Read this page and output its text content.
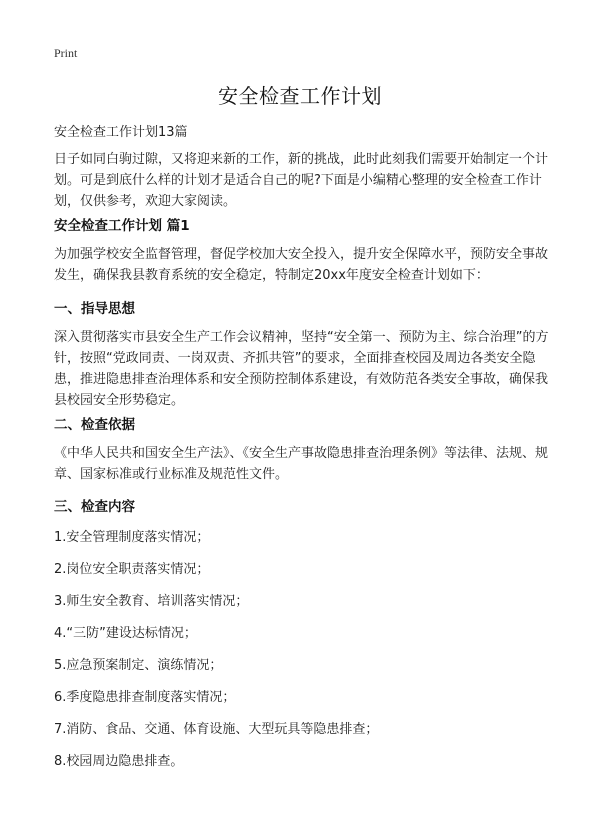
Print
安全检查工作计划
安全检查工作计划13篇

日子如同白驹过隙，又将迎来新的工作，新的挑战，此时此刻我们需要开始制定一个计划。可是到底什么样的计划才是适合自己的呢?下面是小编精心整理的安全检查工作计划，仅供参考，欢迎大家阅读。

安全检查工作计划 篇1

为加强学校安全监督管理，督促学校加大安全投入，提升安全保障水平，预防安全事故发生，确保我县教育系统的安全稳定，特制定20xx年度安全检查计划如下：

一、指导思想

深入贯彻落实市县安全生产工作会议精神，坚持“安全第一、预防为主、综合治理”的方针，按照“党政同责、一岗双责、齐抓共管”的要求，全面排查校园及周边各类安全隐患，推进隐患排查治理体系和安全预防控制体系建设，有效防范各类安全事故，确保我县校园安全形势稳定。

二、检查依据

《中华人民共和国安全生产法》、《安全生产事故隐患排查治理条例》等法律、法规、规章、国家标准或行业标准及规范性文件。

三、检查内容
1.安全管理制度落实情况；
2.岗位安全职责落实情况；
3.师生安全教育、培训落实情况；
4.“三防”建设达标情况；
5.应急预案制定、演练情况；
6.季度隐患排查制度落实情况；
7.消防、食品、交通、体育设施、大型玩具等隐患排查；
8.校园周边隐患排查。
